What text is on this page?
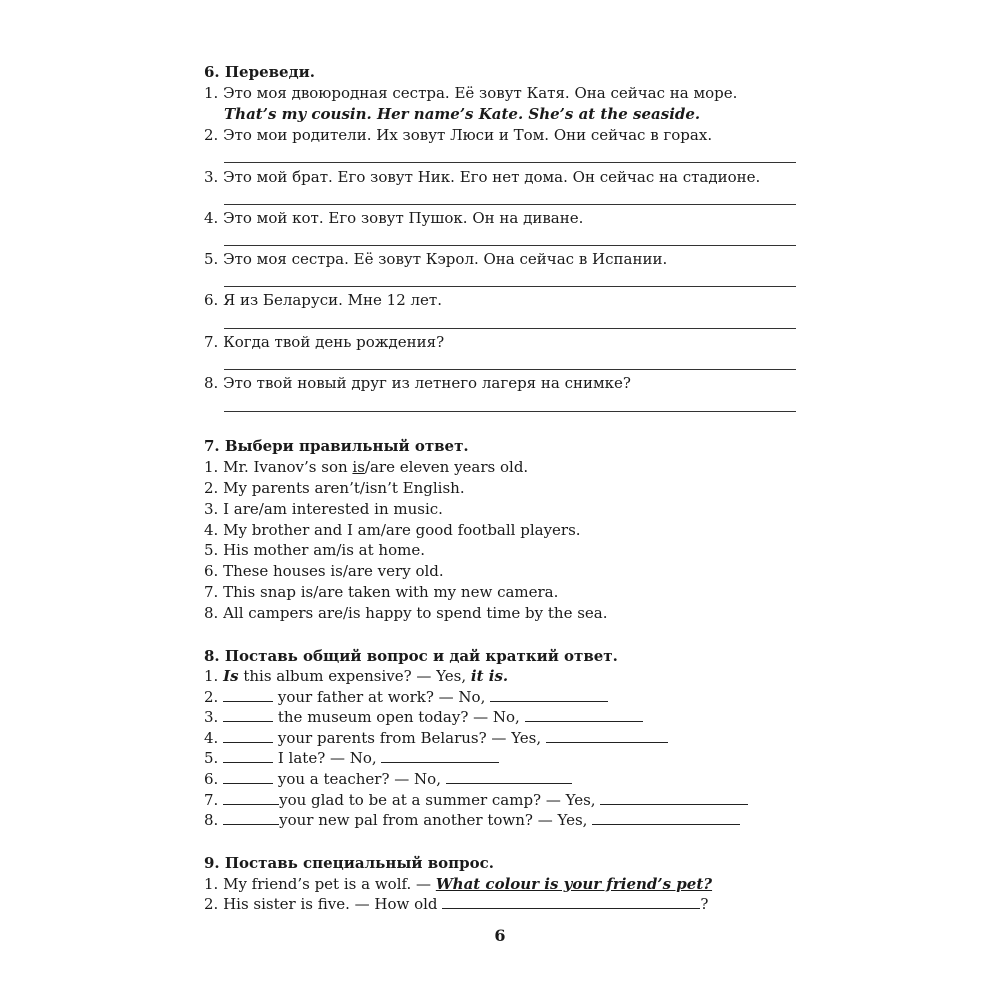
6. Переведи.
1. Это моя двоюродная сестра. Её зовут Катя. Она сейчас на море.
That’s my cousin. Her name’s Kate. She’s at the seaside.
2. Это мои родители. Их зовут Люси и Том. Они сейчас в горах.
3. Это мой брат. Его зовут Ник. Его нет дома. Он сейчас на стадионе.
4. Это мой кот. Его зовут Пушок. Он на диване.
5. Это моя сестра. Её зовут Кэрол. Она сейчас в Испании.
6. Я из Беларуси. Мне 12 лет.
7. Когда твой день рождения?
8. Это твой новый друг из летнего лагеря на снимке?
7. Выбери правильный ответ.
1. Mr. Ivanov’s son is/are eleven years old.
2. My parents aren’t/isn’t English.
3. I are/am interested in music.
4. My brother and I am/are good football players.
5. His mother am/is at home.
6. These houses is/are very old.
7. This snap is/are taken with my new camera.
8. All campers are/is happy to spend time by the sea.
8. Поставь общий вопрос и дай краткий ответ.
1. Is this album expensive? — Yes, it is.
2.	your father at work? — No,
3.	the museum open today? — No,
4.	your parents from Belarus? — Yes,
5.	I late? — No,
6.	you a teacher? — No,
7.	you glad to be at a summer camp? — Yes,
8.	your new pal from another town? — Yes,
9. Поставь специальный вопрос.
1. My friend’s pet is a wolf. — What colour is your friend’s pet?
2. His sister is five. — How old	?
6
